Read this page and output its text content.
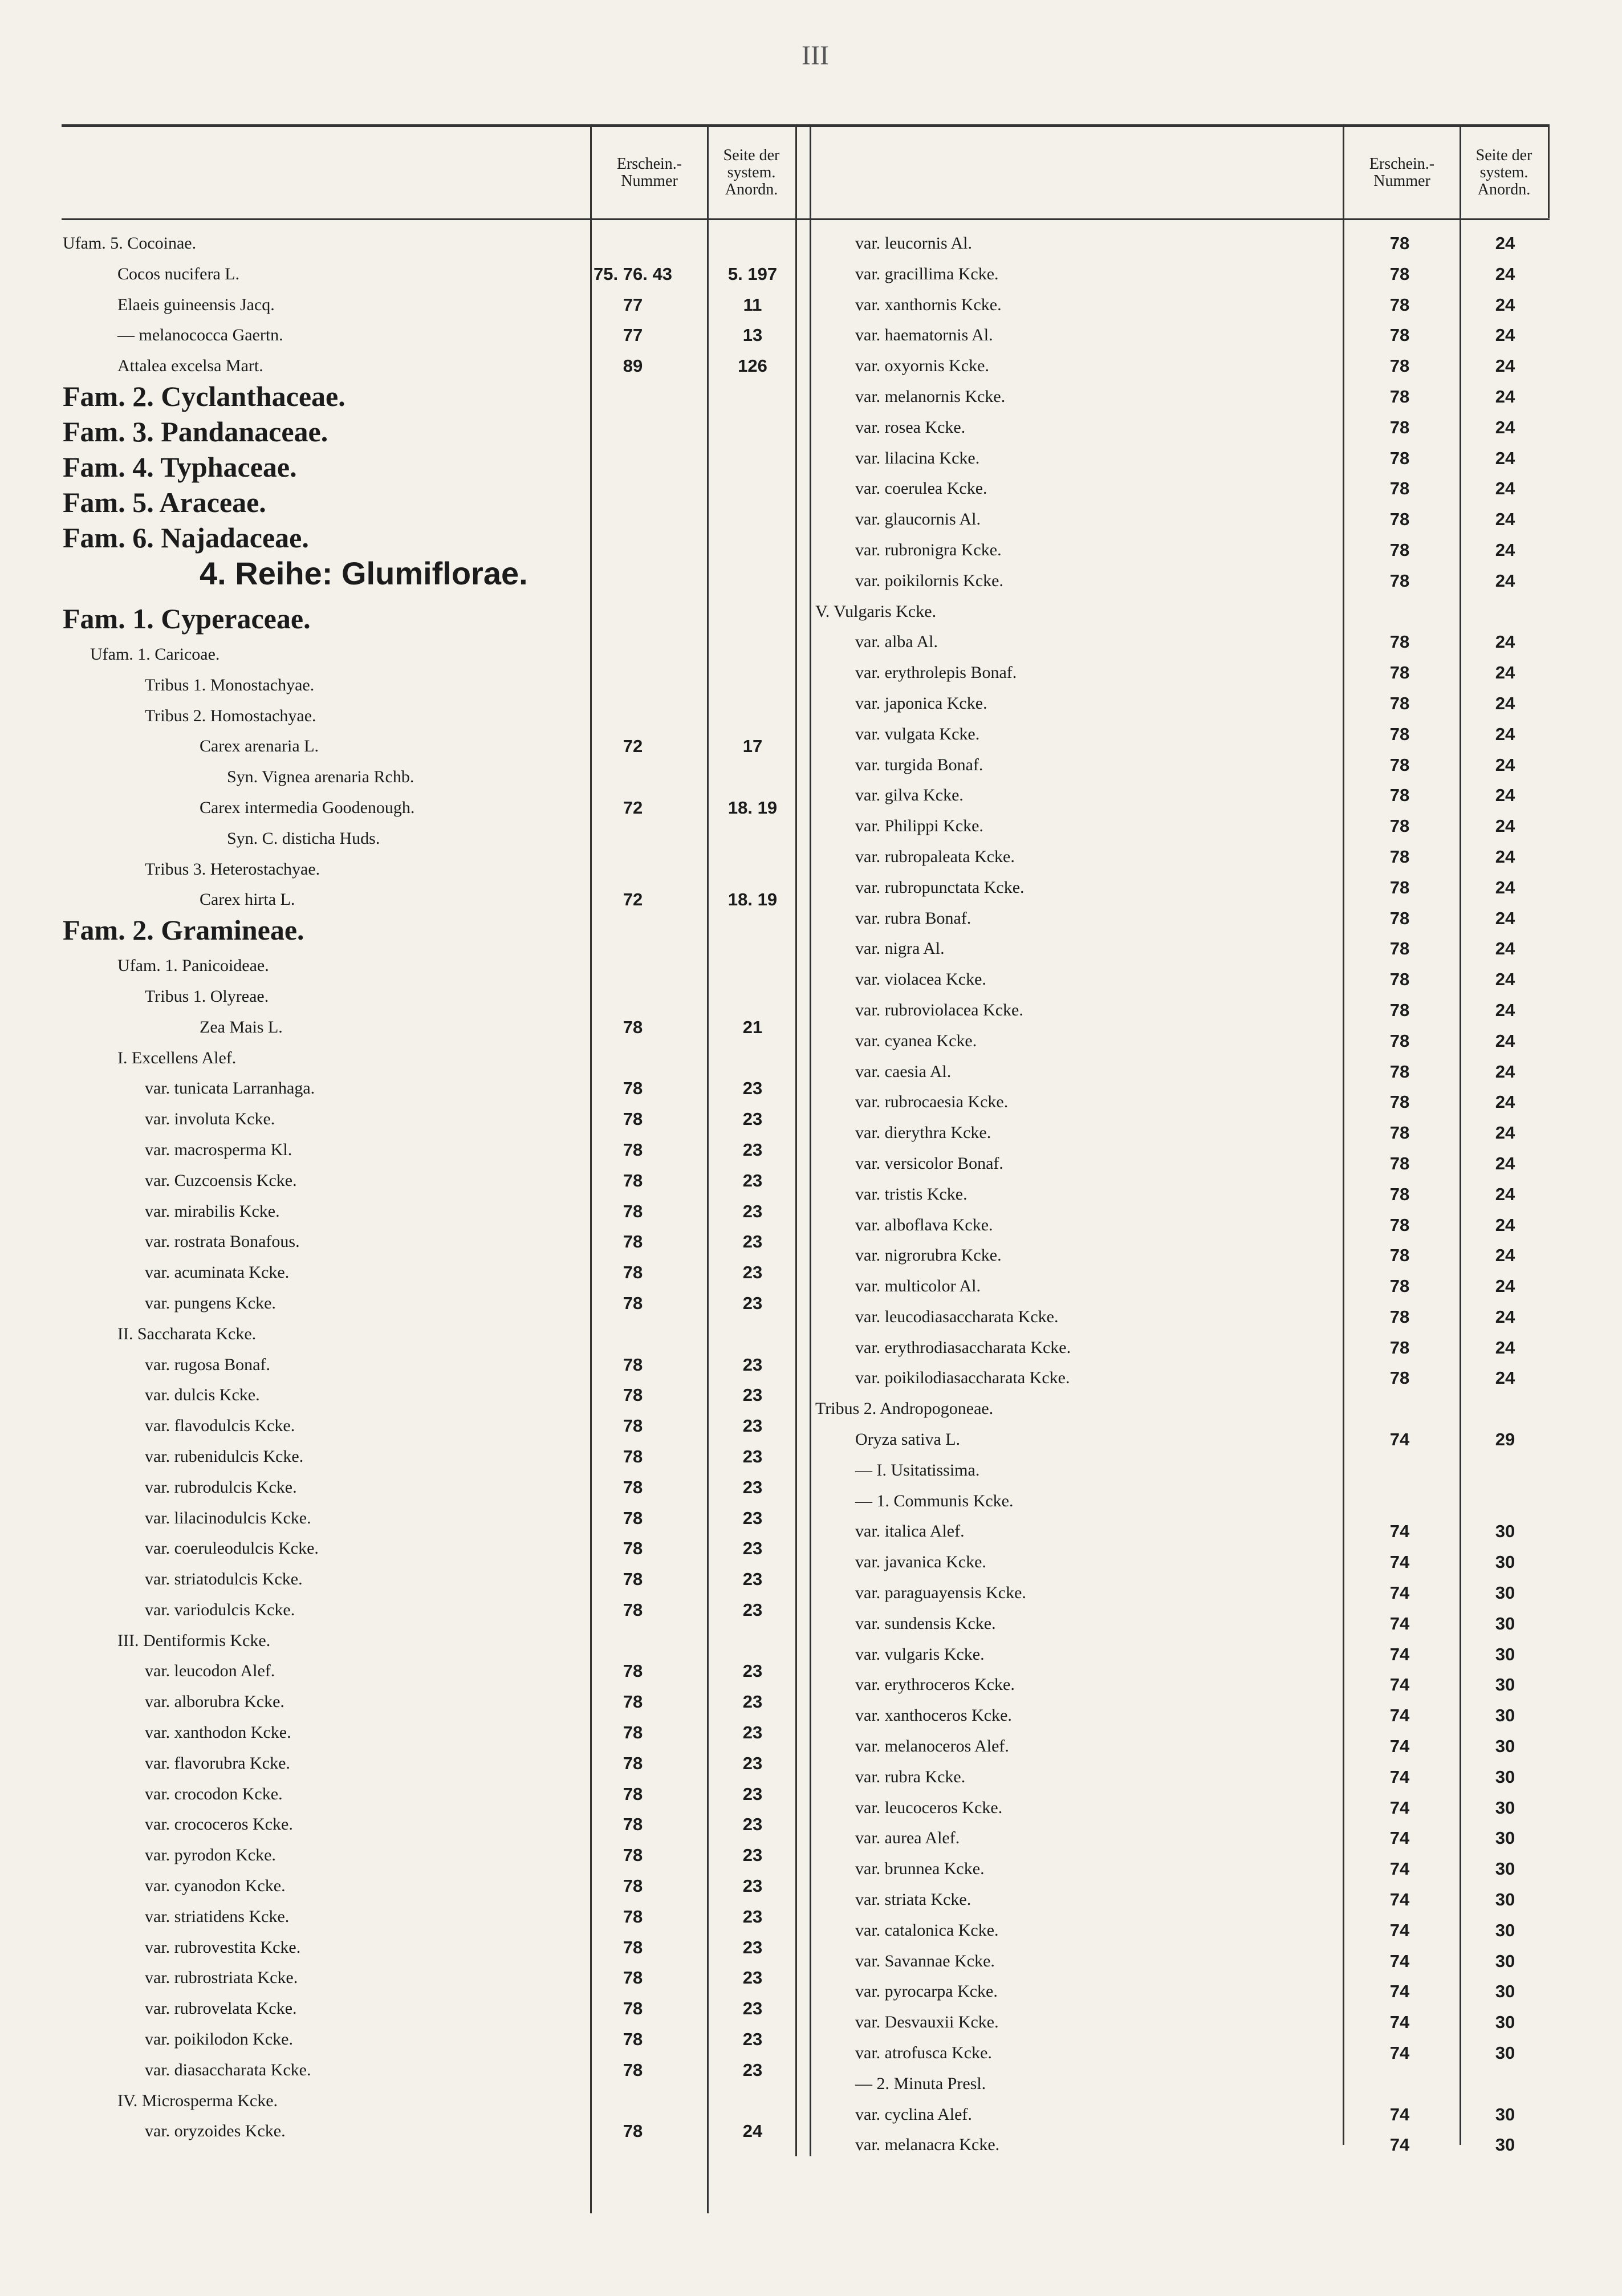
III
Erschein.-Nummer
Seite der system. Anordn.
Erschein.-Nummer
Seite der system. Anordn.
Ufam. 5. Cocoinae.
Cocos nucifera L.	75. 76. 43	5. 197
Elaeis guineensis Jacq.	77	11
— melanococca Gaertn.	77	13
Attalea excelsa Mart.	89	126
Fam. 2. Cyclanthaceae.
Fam. 3. Pandanaceae.
Fam. 4. Typhaceae.
Fam. 5. Araceae.
Fam. 6. Najadaceae.
4. Reihe: Glumiflorae.
Fam. 1. Cyperaceae.
Ufam. 1. Caricoae.
Tribus 1. Monostachyae.
Tribus 2. Homostachyae.
Carex arenaria L.	72	17
Syn. Vignea arenaria Rchb.
Carex intermedia Goodenough.	72	18. 19
Syn. C. disticha Huds.
Tribus 3. Heterostachyae.
Carex hirta L.	72	18. 19
Fam. 2. Gramineae.
Ufam. 1. Panicoideae.
Tribus 1. Olyreae.
Zea Mais L.	78	21
I. Excellens Alef.
var. tunicata Larranhaga.	78	23
var. involuta Kcke.	78	23
var. macrosperma Kl.	78	23
var. Cuzcoensis Kcke.	78	23
var. mirabilis Kcke.	78	23
var. rostrata Bonafous.	78	23
var. acuminata Kcke.	78	23
var. pungens Kcke.	78	23
II. Saccharata Kcke.
var. rugosa Bonaf.	78	23
var. dulcis Kcke.	78	23
var. flavodulcis Kcke.	78	23
var. rubenidulcis Kcke.	78	23
var. rubrodulcis Kcke.	78	23
var. lilacinodulcis Kcke.	78	23
var. coeruleodulcis Kcke.	78	23
var. striatodulcis Kcke.	78	23
var. variodulcis Kcke.	78	23
III. Dentiformis Kcke.
var. leucodon Alef.	78	23
var. alborubra Kcke.	78	23
var. xanthodon Kcke.	78	23
var. flavorubra Kcke.	78	23
var. crocodon Kcke.	78	23
var. crococeros Kcke.	78	23
var. pyrodon Kcke.	78	23
var. cyanodon Kcke.	78	23
var. striatidens Kcke.	78	23
var. rubrovestita Kcke.	78	23
var. rubrostriata Kcke.	78	23
var. rubrovelata Kcke.	78	23
var. poikilodon Kcke.	78	23
var. diasaccharata Kcke.	78	23
IV. Microsperma Kcke.
var. oryzoides Kcke.	78	24
var. leucornis Al.	78	24
var. gracillima Kcke.	78	24
var. xanthornis Kcke.	78	24
var. haematornis Al.	78	24
var. oxyornis Kcke.	78	24
var. melanornis Kcke.	78	24
var. rosea Kcke.	78	24
var. lilacina Kcke.	78	24
var. coerulea Kcke.	78	24
var. glaucornis Al.	78	24
var. rubronigra Kcke.	78	24
var. poikilornis Kcke.	78	24
V. Vulgaris Kcke.
var. alba Al.	78	24
var. erythrolepis Bonaf.	78	24
var. japonica Kcke.	78	24
var. vulgata Kcke.	78	24
var. turgida Bonaf.	78	24
var. gilva Kcke.	78	24
var. Philippi Kcke.	78	24
var. rubropaleata Kcke.	78	24
var. rubropunctata Kcke.	78	24
var. rubra Bonaf.	78	24
var. nigra Al.	78	24
var. violacea Kcke.	78	24
var. rubroviolacea Kcke.	78	24
var. cyanea Kcke.	78	24
var. caesia Al.	78	24
var. rubrocaesia Kcke.	78	24
var. dierythra Kcke.	78	24
var. versicolor Bonaf.	78	24
var. tristis Kcke.	78	24
var. alboflava Kcke.	78	24
var. nigrorubra Kcke.	78	24
var. multicolor Al.	78	24
var. leucodiasaccharata Kcke.	78	24
var. erythrodiasaccharata Kcke.	78	24
var. poikilodiasaccharata Kcke.	78	24
Tribus 2. Andropogoneae.
Oryza sativa L.	74	29
— I. Usitatissima.
— 1. Communis Kcke.
var. italica Alef.	74	30
var. javanica Kcke.	74	30
var. paraguayensis Kcke.	74	30
var. sundensis Kcke.	74	30
var. vulgaris Kcke.	74	30
var. erythroceros Kcke.	74	30
var. xanthoceros Kcke.	74	30
var. melanoceros Alef.	74	30
var. rubra Kcke.	74	30
var. leucoceros Kcke.	74	30
var. aurea Alef.	74	30
var. brunnea Kcke.	74	30
var. striata Kcke.	74	30
var. catalonica Kcke.	74	30
var. Savannae Kcke.	74	30
var. pyrocarpa Kcke.	74	30
var. Desvauxii Kcke.	74	30
var. atrofusca Kcke.	74	30
— 2. Minuta Presl.
var. cyclina Alef.	74	30
var. melanacra Kcke.	74	30
